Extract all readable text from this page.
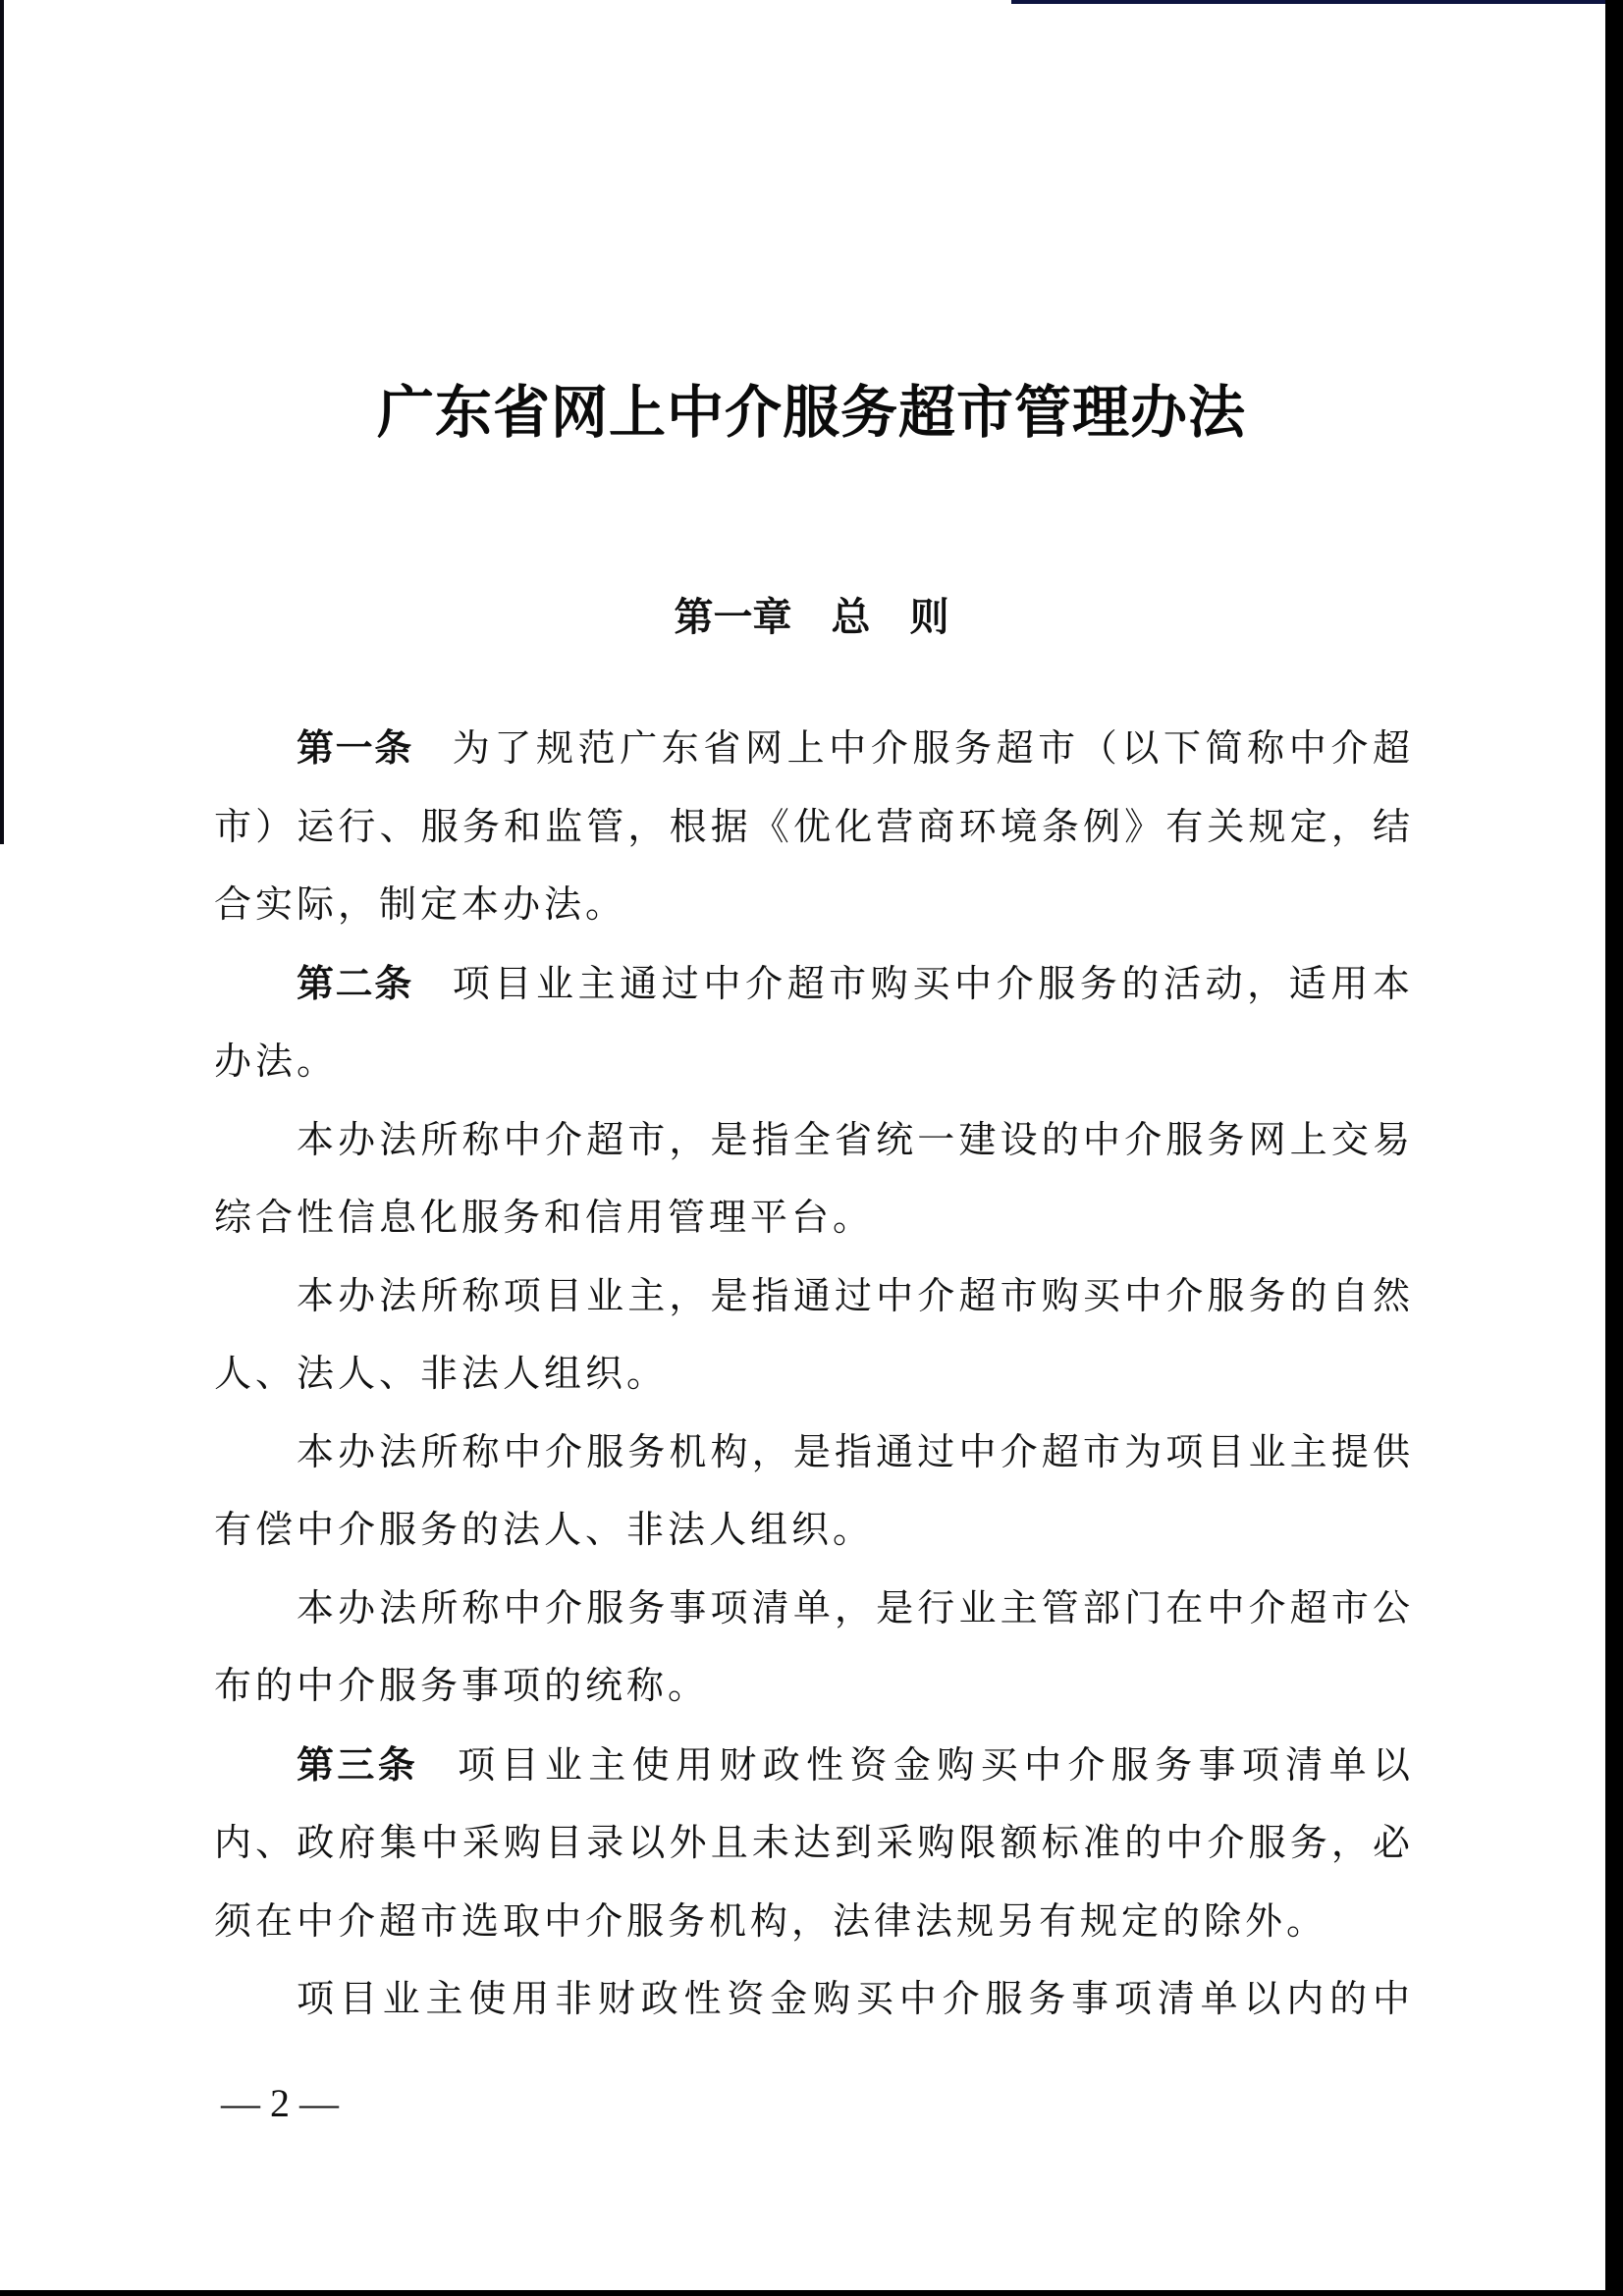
广东省网上中介服务超市管理办法
第一章　总　则

第一条 为了规范广东省网上中介服务超市（以下简称中介超市）运行、服务和监管，根据《优化营商环境条例》有关规定，结合实际，制定本办法。

第二条 项目业主通过中介超市购买中介服务的活动，适用本办法。

本办法所称中介超市，是指全省统一建设的中介服务网上交易综合性信息化服务和信用管理平台。

本办法所称项目业主，是指通过中介超市购买中介服务的自然人、法人、非法人组织。

本办法所称中介服务机构，是指通过中介超市为项目业主提供有偿中介服务的法人、非法人组织。

本办法所称中介服务事项清单，是行业主管部门在中介超市公布的中介服务事项的统称。

第三条 项目业主使用财政性资金购买中介服务事项清单以内、政府集中采购目录以外且未达到采购限额标准的中介服务，必须在中介超市选取中介服务机构，法律法规另有规定的除外。

项目业主使用非财政性资金购买中介服务事项清单以内的中

— 2 —
